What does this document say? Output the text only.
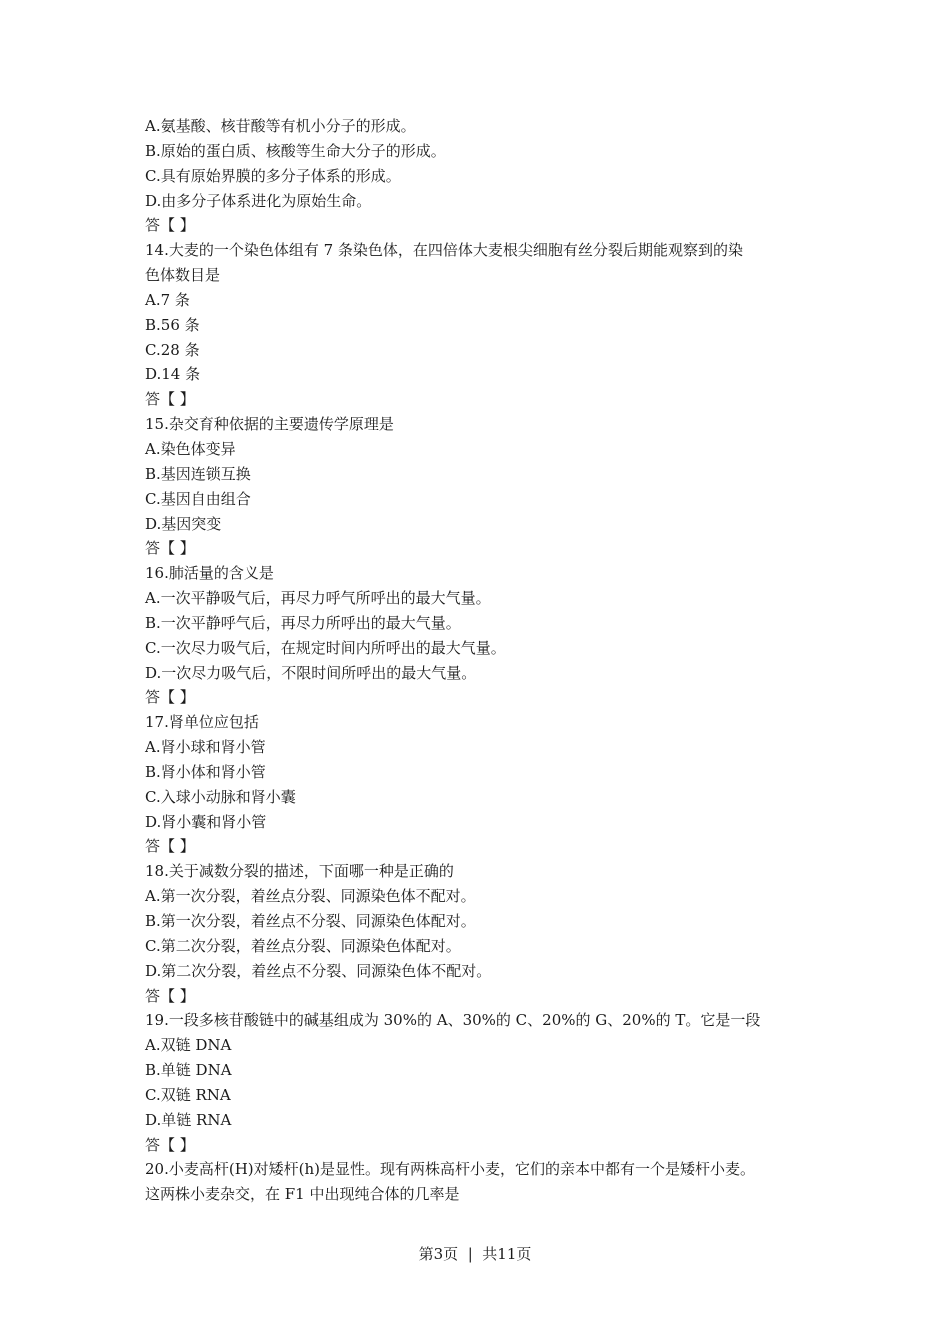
A.氨基酸、核苷酸等有机小分子的形成。
B.原始的蛋白质、核酸等生命大分子的形成。
C.具有原始界膜的多分子体系的形成。
D.由多分子体系进化为原始生命。
答【 】
14.大麦的一个染色体组有 7 条染色体，在四倍体大麦根尖细胞有丝分裂后期能观察到的染
色体数目是
A.7 条
B.56 条
C.28 条
D.14 条
答【 】
15.杂交育种依据的主要遗传学原理是
A.染色体变异
B.基因连锁互换
C.基因自由组合
D.基因突变
答【 】
16.肺活量的含义是
A.一次平静吸气后，再尽力呼气所呼出的最大气量。
B.一次平静呼气后，再尽力所呼出的最大气量。
C.一次尽力吸气后，在规定时间内所呼出的最大气量。
D.一次尽力吸气后，不限时间所呼出的最大气量。
答【 】
17.肾单位应包括
A.肾小球和肾小管
B.肾小体和肾小管
C.入球小动脉和肾小囊
D.肾小囊和肾小管
答【 】
18.关于减数分裂的描述，下面哪一种是正确的
A.第一次分裂，着丝点分裂、同源染色体不配对。
B.第一次分裂，着丝点不分裂、同源染色体配对。
C.第二次分裂，着丝点分裂、同源染色体配对。
D.第二次分裂，着丝点不分裂、同源染色体不配对。
答【 】
19.一段多核苷酸链中的碱基组成为 30%的 A、30%的 C、20%的 G、20%的 T。它是一段
A.双链 DNA
B.单链 DNA
C.双链 RNA
D.单链 RNA
答【 】
20.小麦高杆(H)对矮杆(h)是显性。现有两株高杆小麦，它们的亲本中都有一个是矮杆小麦。
这两株小麦杂交，在 F1 中出现纯合体的几率是
第3页  |  共11页
